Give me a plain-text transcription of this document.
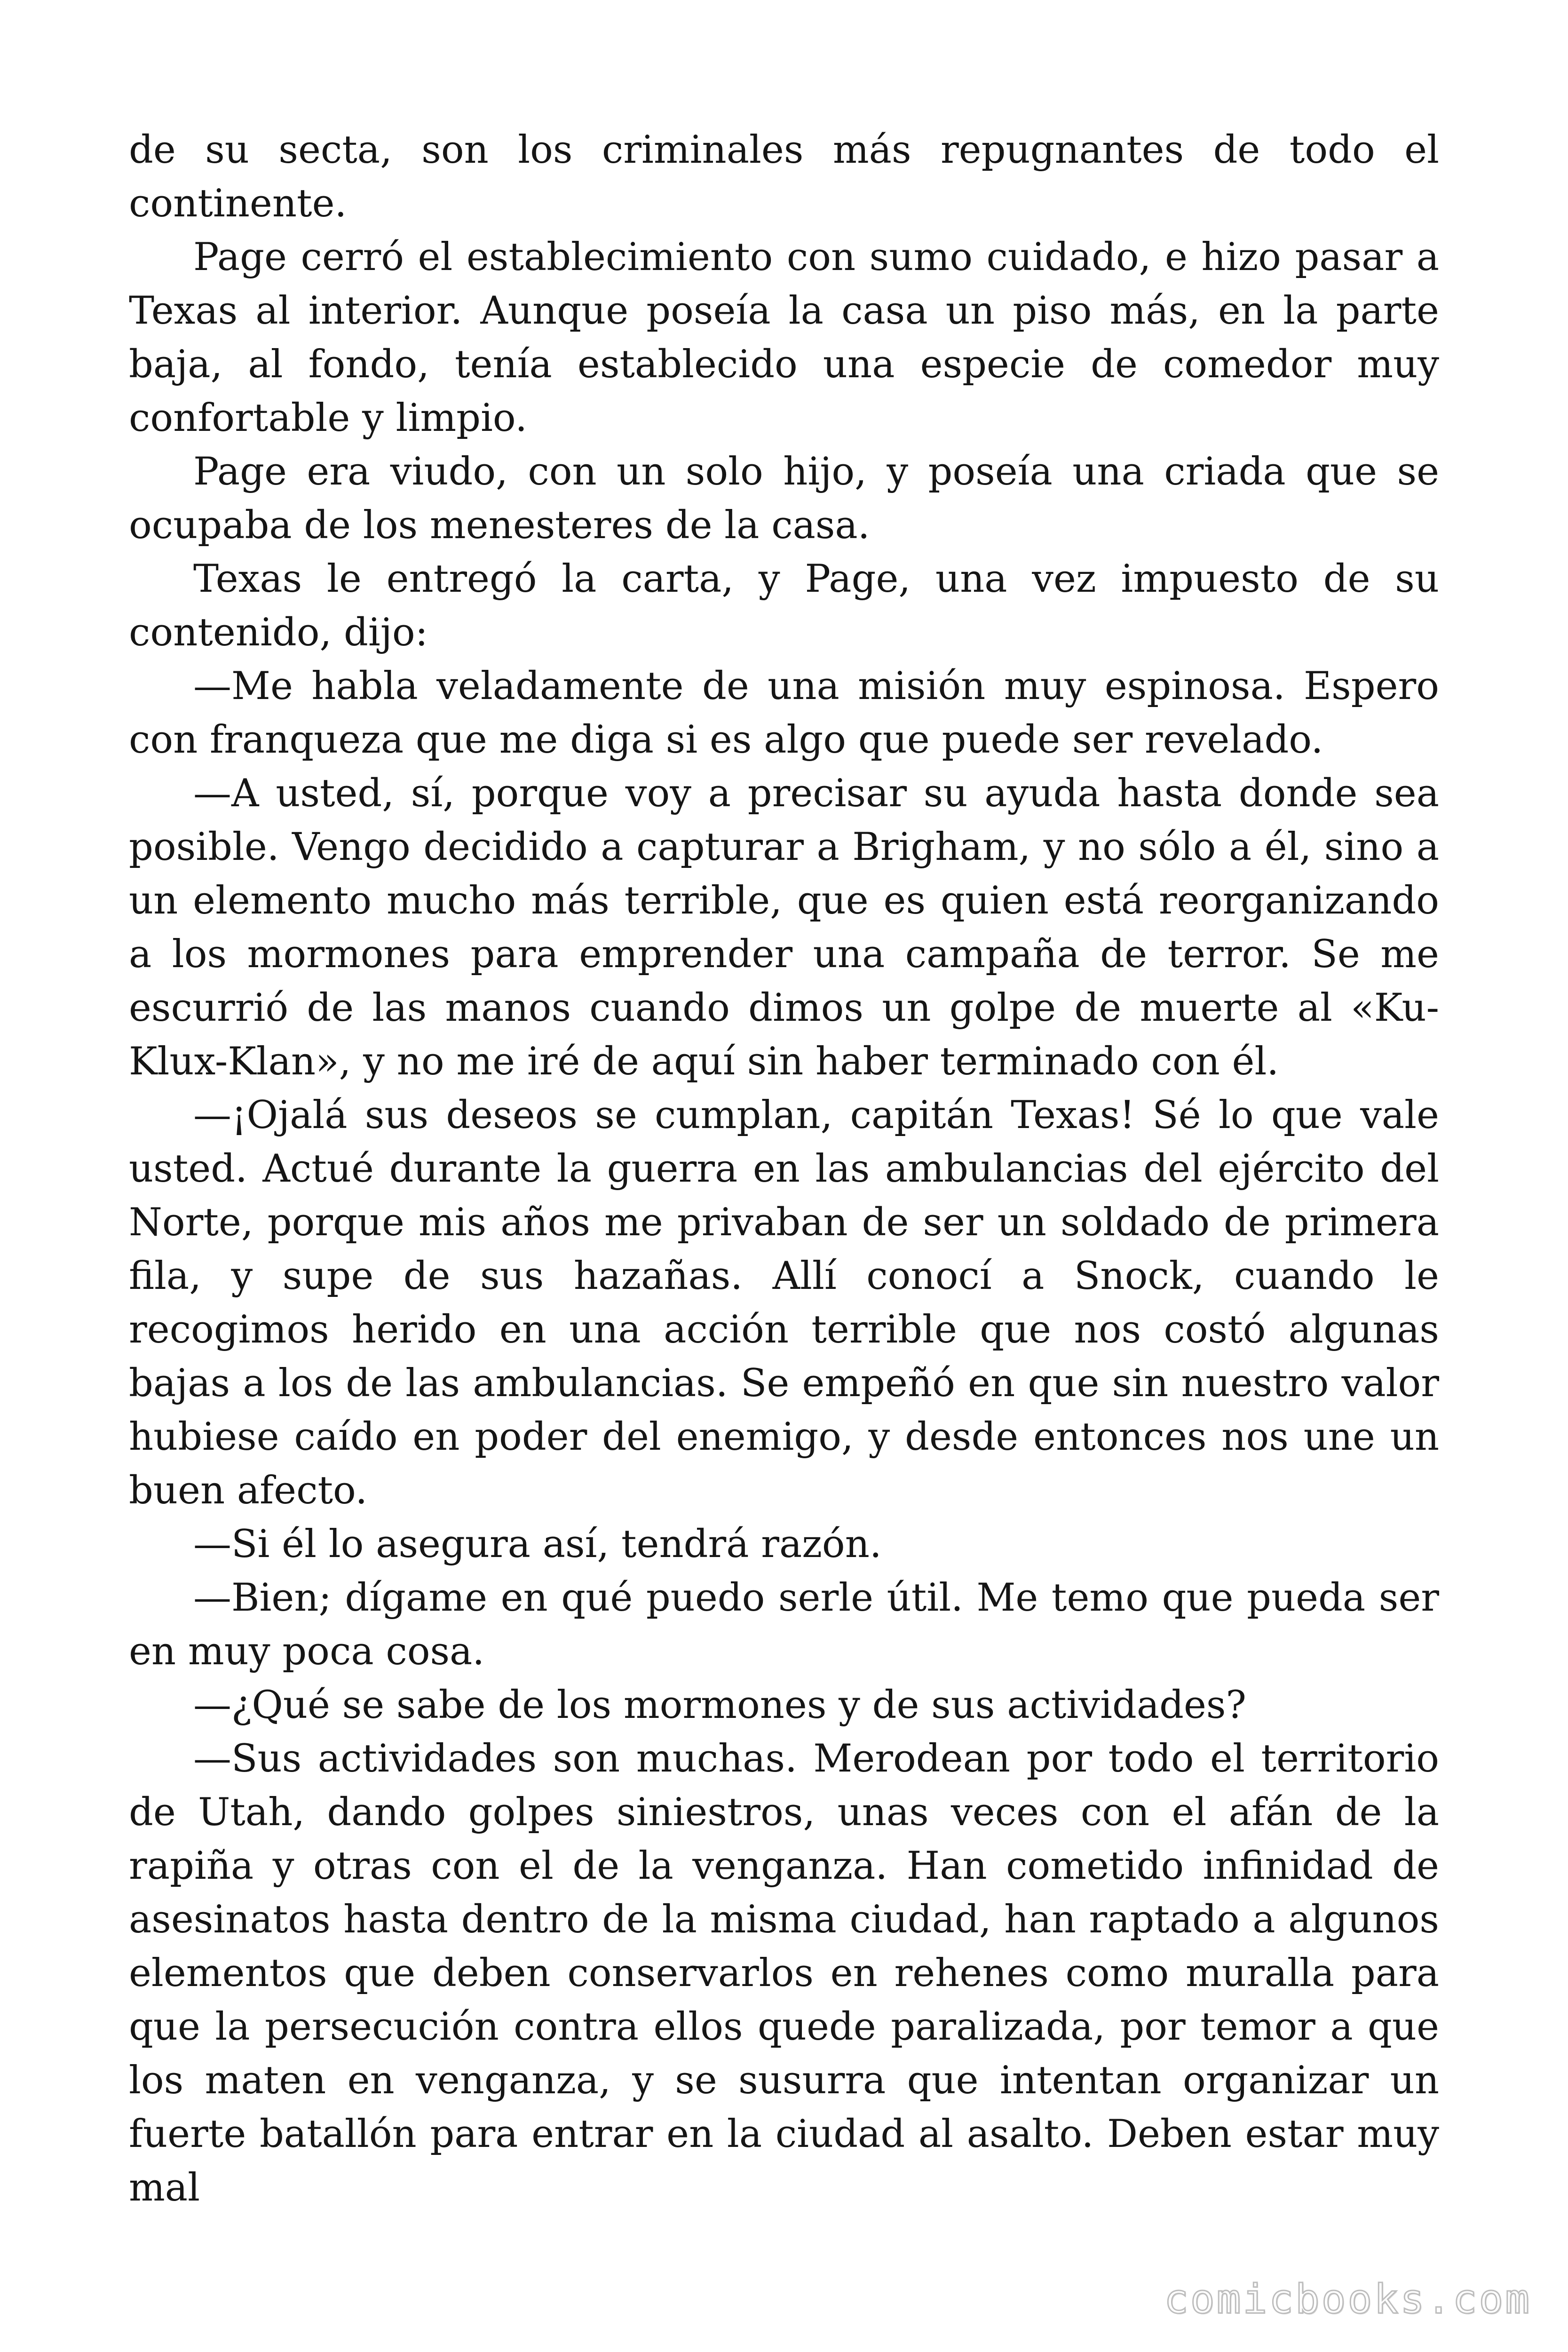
de su secta, son los criminales más repugnantes de todo el continente.

Page cerró el establecimiento con sumo cuidado, e hizo pasar a Texas al interior. Aunque poseía la casa un piso más, en la parte baja, al fondo, tenía establecido una especie de comedor muy confortable y limpio.

Page era viudo, con un solo hijo, y poseía una criada que se ocupaba de los menesteres de la casa.

Texas le entregó la carta, y Page, una vez impuesto de su contenido, dijo:

—Me habla veladamente de una misión muy espinosa. Espero con franqueza que me diga si es algo que puede ser revelado.

—A usted, sí, porque voy a precisar su ayuda hasta donde sea posible. Vengo decidido a capturar a Brigham, y no sólo a él, sino a un elemento mucho más terrible, que es quien está reorganizando a los mormones para emprender una campaña de terror. Se me escurrió de las manos cuando dimos un golpe de muerte al «Ku-Klux-Klan», y no me iré de aquí sin haber terminado con él.

—¡Ojalá sus deseos se cumplan, capitán Texas! Sé lo que vale usted. Actué durante la guerra en las ambulancias del ejército del Norte, porque mis años me privaban de ser un soldado de primera fila, y supe de sus hazañas. Allí conocí a Snock, cuando le recogimos herido en una acción terrible que nos costó algunas bajas a los de las ambulancias. Se empeñó en que sin nuestro valor hubiese caído en poder del enemigo, y desde entonces nos une un buen afecto.

—Si él lo asegura así, tendrá razón.

—Bien; dígame en qué puedo serle útil. Me temo que pueda ser en muy poca cosa.

—¿Qué se sabe de los mormones y de sus actividades?

—Sus actividades son muchas. Merodean por todo el territorio de Utah, dando golpes siniestros, unas veces con el afán de la rapiña y otras con el de la venganza. Han cometido infinidad de asesinatos hasta dentro de la misma ciudad, han raptado a algunos elementos que deben conservarlos en rehenes como muralla para que la persecución contra ellos quede paralizada, por temor a que los maten en venganza, y se susurra que intentan organizar un fuerte batallón para entrar en la ciudad al asalto. Deben estar muy mal

comicbooks.com
